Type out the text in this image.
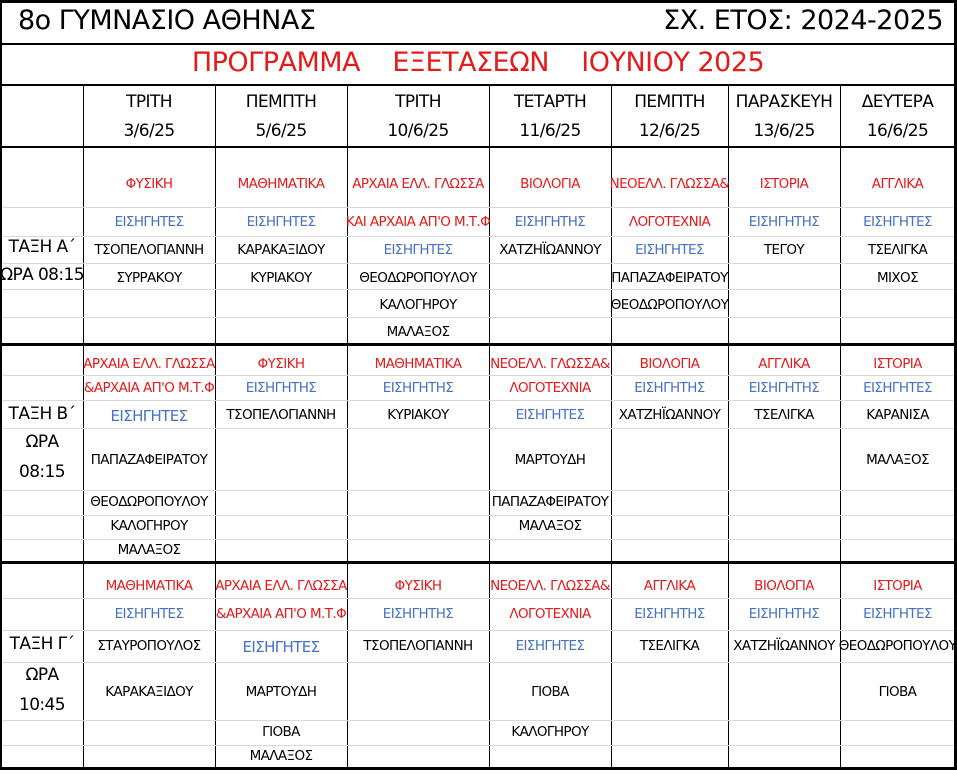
8ο ΓΥΜΝΑΣΙΟ ΑΘΗΝΑΣ	ΣΧ. ΕΤΟΣ: 2024-2025
ΠΡΟΓΡΑΜΜΑ    ΕΞΕΤΑΣΕΩΝ    ΙΟΥΝΙΟΥ 2025
ΤΡΙΤΗ
3/6/25
ΠΕΜΠΤΗ
5/6/25
ΤΡΙΤΗ
10/6/25
ΤΕΤΑΡΤΗ
11/6/25
ΠΕΜΠΤΗ
12/6/25
ΠΑΡΑΣΚΕΥΗ
13/6/25
ΔΕΥΤΕΡΑ
16/6/25
ΤΑΞΗ Α΄
ΩΡΑ 08:15
ΤΑΞΗ Β΄
ΩΡΑ
08:15
ΤΑΞΗ Γ΄
ΩΡΑ
10:45
ΦΥΣΙΚΗ
ΕΙΣΗΓΗΤΕΣ
ΤΣΟΠΕΛΟΓΙΑΝΝΗ
ΣΥΡΡΑΚΟΥ
ΜΑΘΗΜΑΤΙΚΑ
ΕΙΣΗΓΗΤΕΣ
ΚΑΡΑΚΑΞΙΔΟΥ
ΚΥΡΙΑΚΟΥ
ΑΡΧΑΙΑ ΕΛΛ. ΓΛΩΣΣΑ
ΚΑΙ ΑΡΧΑΙΑ ΑΠ'Ο Μ.Τ.Φ
ΕΙΣΗΓΗΤΕΣ
ΘΕΟΔΩΡΟΠΟΥΛΟΥ
ΚΑΛΟΓΗΡΟΥ
ΜΑΛΑΞΟΣ
ΒΙΟΛΟΓΙΑ
ΕΙΣΗΓΗΤΗΣ
ΧΑΤΖΗΪΩΑΝΝΟΥ
ΝΕΟΕΛΛ. ΓΛΩΣΣΑ&
ΛΟΓΟΤΕΧΝΙΑ
ΕΙΣΗΓΗΤΕΣ
ΠΑΠΑΖΑΦΕΙΡΑΤΟΥ
ΘΕΟΔΩΡΟΠΟΥΛΟΥ
ΙΣΤΟΡΙΑ
ΕΙΣΗΓΗΤΗΣ
ΤΕΓΟΥ
ΑΓΓΛΙΚΑ
ΕΙΣΗΓΗΤΕΣ
ΤΣΕΛΙΓΚΑ
ΜΙΧΟΣ
ΑΡΧΑΙΑ ΕΛΛ. ΓΛΩΣΣΑ
&ΑΡΧΑΙΑ ΑΠ'Ο Μ.Τ.Φ
ΕΙΣΗΓΗΤΕΣ
ΠΑΠΑΖΑΦΕΙΡΑΤΟΥ
ΘΕΟΔΩΡΟΠΟΥΛΟΥ
ΚΑΛΟΓΗΡΟΥ
ΜΑΛΑΞΟΣ
ΦΥΣΙΚΗ
ΕΙΣΗΓΗΤΗΣ
ΤΣΟΠΕΛΟΓΙΑΝΝΗ
ΜΑΘΗΜΑΤΙΚΑ
ΕΙΣΗΓΗΤΗΣ
ΚΥΡΙΑΚΟΥ
ΝΕΟΕΛΛ. ΓΛΩΣΣΑ&
ΛΟΓΟΤΕΧΝΙΑ
ΕΙΣΗΓΗΤΕΣ
ΜΑΡΤΟΥΔΗ
ΠΑΠΑΖΑΦΕΙΡΑΤΟΥ
ΜΑΛΑΞΟΣ
ΒΙΟΛΟΓΙΑ
ΕΙΣΗΓΗΤΗΣ
ΧΑΤΖΗΪΩΑΝΝΟΥ
ΑΓΓΛΙΚΑ
ΕΙΣΗΓΗΤΗΣ
ΤΣΕΛΙΓΚΑ
ΙΣΤΟΡΙΑ
ΕΙΣΗΓΗΤΕΣ
ΚΑΡΑΝΙΣΑ
ΜΑΛΑΞΟΣ
ΜΑΘΗΜΑΤΙΚΑ
ΕΙΣΗΓΗΤΕΣ
ΣΤΑΥΡΟΠΟΥΛΟΣ
ΚΑΡΑΚΑΞΙΔΟΥ
ΑΡΧΑΙΑ ΕΛΛ. ΓΛΩΣΣΑ
&ΑΡΧΑΙΑ ΑΠ'Ο Μ.Τ.Φ
ΕΙΣΗΓΗΤΕΣ
ΜΑΡΤΟΥΔΗ
ΓΙΟΒΑ
ΜΑΛΑΞΟΣ
ΦΥΣΙΚΗ
ΕΙΣΗΓΗΤΗΣ
ΤΣΟΠΕΛΟΓΙΑΝΝΗ
ΝΕΟΕΛΛ. ΓΛΩΣΣΑ&
ΛΟΓΟΤΕΧΝΙΑ
ΕΙΣΗΓΗΤΕΣ
ΓΙΟΒΑ
ΚΑΛΟΓΗΡΟΥ
ΑΓΓΛΙΚΑ
ΕΙΣΗΓΗΤΗΣ
ΤΣΕΛΙΓΚΑ
ΒΙΟΛΟΓΙΑ
ΕΙΣΗΓΗΤΗΣ
ΧΑΤΖΗΪΩΑΝΝΟΥ
ΙΣΤΟΡΙΑ
ΕΙΣΗΓΗΤΕΣ
ΘΕΟΔΩΡΟΠΟΥΛΟΥ
ΓΙΟΒΑ
